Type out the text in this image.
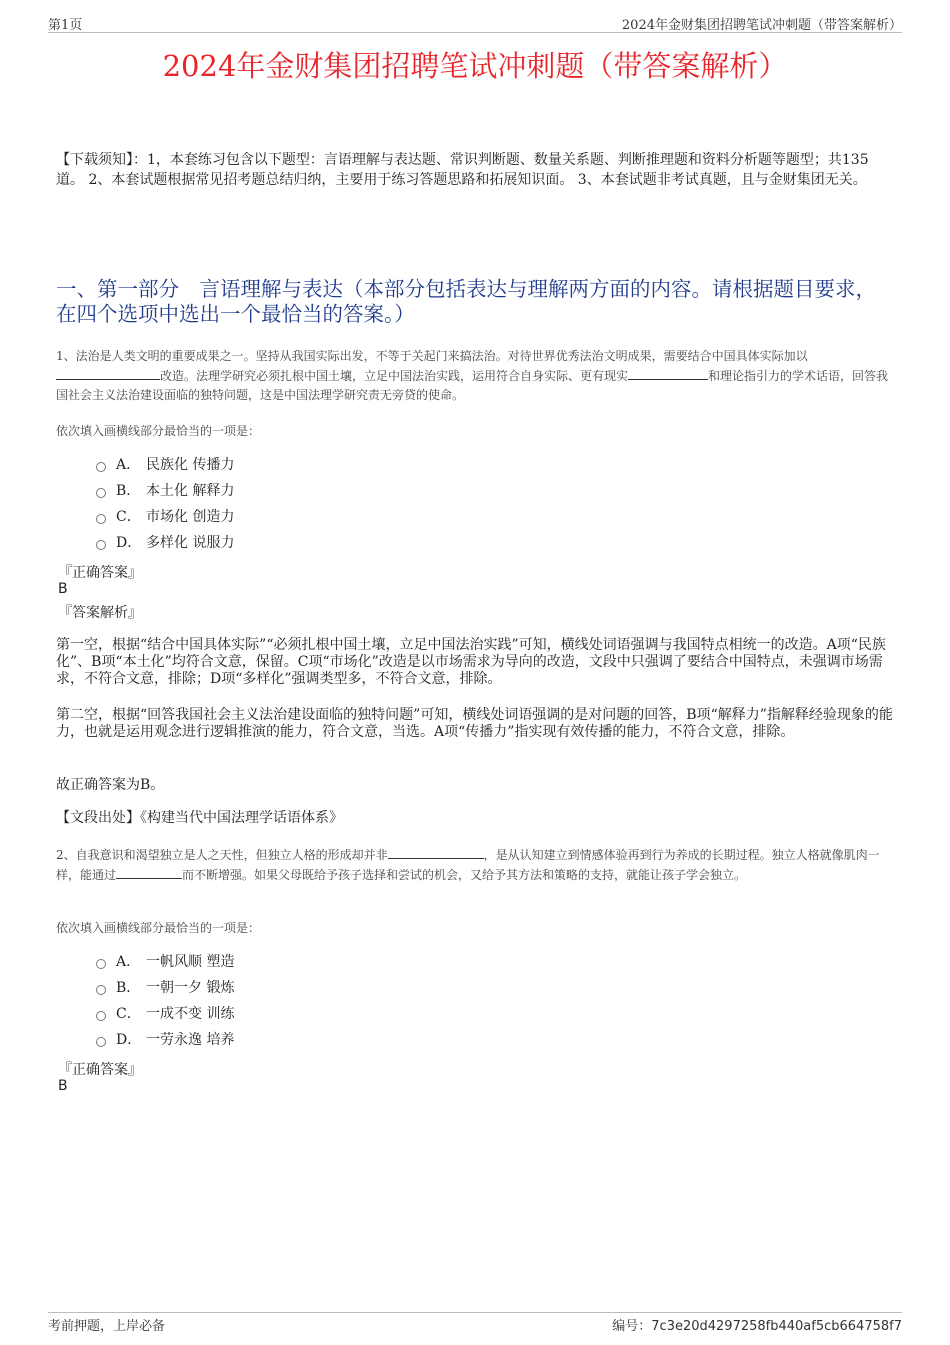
第1页	2024年金财集团招聘笔试冲刺题（带答案解析）
2024年金财集团招聘笔试冲刺题（带答案解析）
【下载须知】：1，本套练习包含以下题型：言语理解与表达题、常识判断题、数量关系题、判断推理题和资料分析题等题型；共135道。 2、本套试题根据常见招考题总结归纳，主要用于练习答题思路和拓展知识面。 3、本套试题非考试真题，且与金财集团无关。
一、第一部分　言语理解与表达（本部分包括表达与理解两方面的内容。请根据题目要求，在四个选项中选出一个最恰当的答案。）
1、法治是人类文明的重要成果之一。坚持从我国实际出发，不等于关起门来搞法治。对待世界优秀法治文明成果，需要结合中国具体实际加以改造。法理学研究必须扎根中国土壤，立足中国法治实践，运用符合自身实际、更有现实	和理论指引力的学术话语，回答我国社会主义法治建设面临的独特问题，这是中国法理学研究责无旁贷的使命。
依次填入画横线部分最恰当的一项是：
A． 民族化 传播力
B． 本土化 解释力
C． 市场化 创造力
D． 多样化 说服力
『正确答案』
B
『答案解析』
第一空，根据“结合中国具体实际”“必须扎根中国土壤，立足中国法治实践”可知，横线处词语强调与我国特点相统一的改造。A项“民族化”、B项“本土化”均符合文意，保留。C项“市场化”改造是以市场需求为导向的改造，文段中只强调了要结合中国特点，未强调市场需求，不符合文意，排除；D项“多样化”强调类型多，不符合文意，排除。
第二空，根据“回答我国社会主义法治建设面临的独特问题”可知，横线处词语强调的是对问题的回答，B项“解释力”指解释经验现象的能力，也就是运用观念进行逻辑推演的能力，符合文意，当选。A项“传播力”指实现有效传播的能力，不符合文意，排除。
故正确答案为B。
【文段出处】《构建当代中国法理学话语体系》
2、自我意识和渴望独立是人之天性，但独立人格的形成却并非	，是从认知建立到情感体验再到行为养成的长期过程。独立人格就像肌肉一样，能通过	而不断增强。如果父母既给予孩子选择和尝试的机会，又给予其方法和策略的支持，就能让孩子学会独立。
依次填入画横线部分最恰当的一项是：
A． 一帆风顺 塑造
B． 一朝一夕 锻炼
C． 一成不变 训练
D． 一劳永逸 培养
『正确答案』
B
考前押题，上岸必备	编号：7c3e20d4297258fb440af5cb664758f7
